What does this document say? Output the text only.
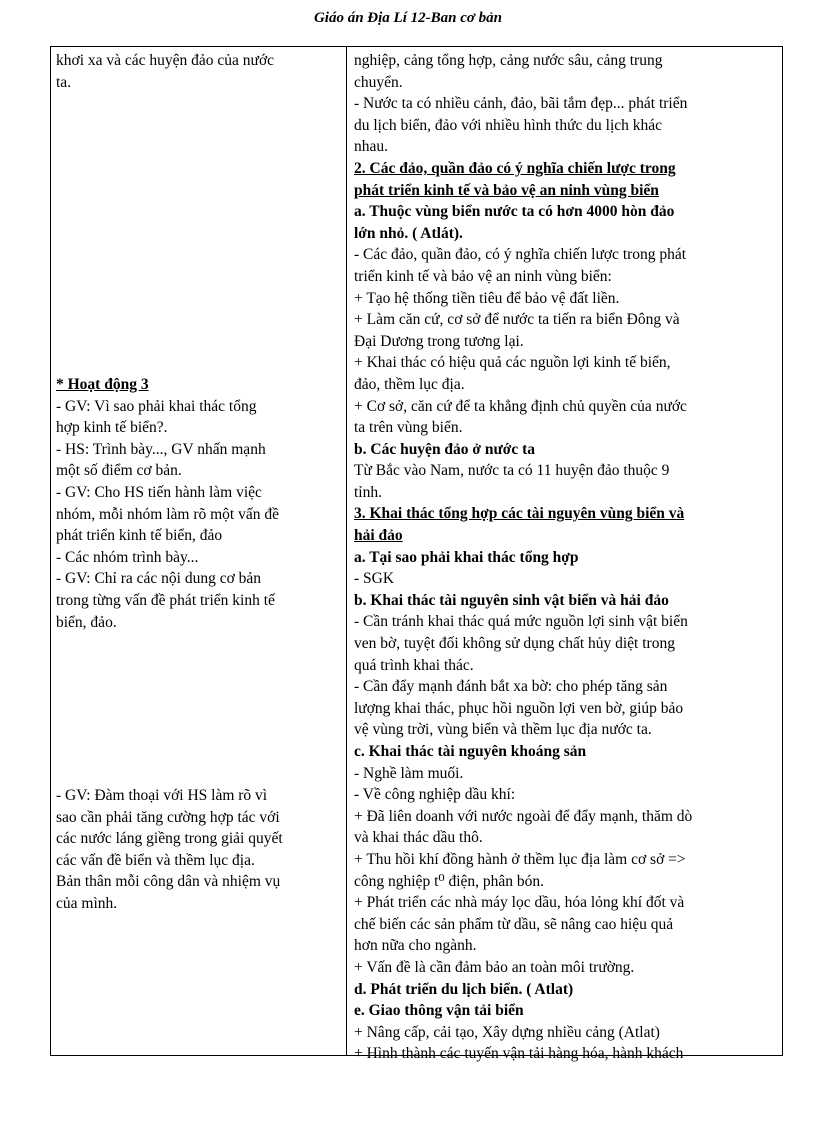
Giáo án Địa Lí 12-Ban cơ bản
khơi xa và các huyện đảo của nước
ta.
* Hoạt động 3
- GV: Vì sao phải khai thác tổng
hợp kinh tế biển?.
- HS: Trình bày..., GV nhấn mạnh
một số điểm cơ bản.
- GV: Cho HS tiến hành làm việc
nhóm, mỗi nhóm làm rõ một vấn đề
phát triển kinh tế biển, đảo
- Các nhóm trình bày...
- GV: Chỉ ra các nội dung cơ bản
trong từng vấn đề phát triển kinh tế
biển, đảo.
- GV: Đàm thoại với HS làm rõ vì
sao cần phải tăng cường hợp tác với
các nước láng giềng trong giải quyết
các vấn đề biển và thềm lục địa.
Bản thân mỗi công dân và nhiệm vụ
của mình.
nghiệp, cảng tổng hợp, cảng nước sâu, cảng trung
chuyển.
- Nước ta có nhiều cảnh, đảo, bãi tắm đẹp... phát triển
du lịch biển, đảo với nhiều hình thức du lịch khác
nhau.
2. Các đảo, quần đảo có ý nghĩa chiến lược trong
phát triển kinh tế và bảo vệ an ninh vùng biển
a. Thuộc vùng biển nước ta có hơn 4000 hòn đảo
lớn nhỏ. ( Atlát).
- Các đảo, quần đảo, có ý nghĩa chiến lược trong phát
triển kinh tế và bảo vệ an ninh vùng biển:
+ Tạo hệ thống tiền tiêu để bảo vệ đất liền.
+ Làm căn cứ, cơ sở để nước ta tiến ra biển Đông và
Đại Dương trong tương lại.
+ Khai thác có hiệu quả các nguồn lợi kinh tế biển,
đảo, thềm lục địa.
+ Cơ sở, căn cứ để ta khẳng định chủ quyền của nước
ta trên vùng biển.
b. Các huyện đảo ở nước ta
Từ Bắc vào Nam, nước ta có 11 huyện đảo thuộc 9
tỉnh.
3. Khai thác tổng hợp các tài nguyên vùng biển và
hải đảo
a. Tại sao phải khai thác tổng hợp
- SGK
b. Khai thác tài nguyên sinh vật biển và hải đảo
- Cần tránh khai thác quá mức nguồn lợi sinh vật biển
ven bờ, tuyệt đối không sử dụng chất hủy diệt trong
quá trình khai thác.
- Cần đẩy mạnh đánh bắt xa bờ: cho phép tăng sản
lượng khai thác, phục hồi nguồn lợi ven bờ, giúp bảo
vệ vùng trời, vùng biển và thềm lục địa nước ta.
c. Khai thác tài nguyên khoáng sản
- Nghề làm muối.
- Về công nghiệp dầu khí:
+ Đã liên doanh với nước ngoài để đẩy mạnh, thăm dò
và khai thác dầu thô.
+ Thu hồi khí đồng hành ở thềm lục địa làm cơ sở =>
công nghiệp t⁰ điện, phân bón.
+ Phát triển các nhà máy lọc dầu, hóa lỏng khí đốt và
chế biến các sản phẩm từ dầu, sẽ nâng cao hiệu quả
hơn nữa cho ngành.
+ Vấn đề là cần đảm bảo an toàn môi trường.
d. Phát triển du lịch biển. ( Atlat)
e. Giao thông vận tải biển
+ Nâng cấp, cải tạo, Xây dựng nhiều cảng (Atlat)
+ Hình thành các tuyến vận tải hàng hóa, hành khách
